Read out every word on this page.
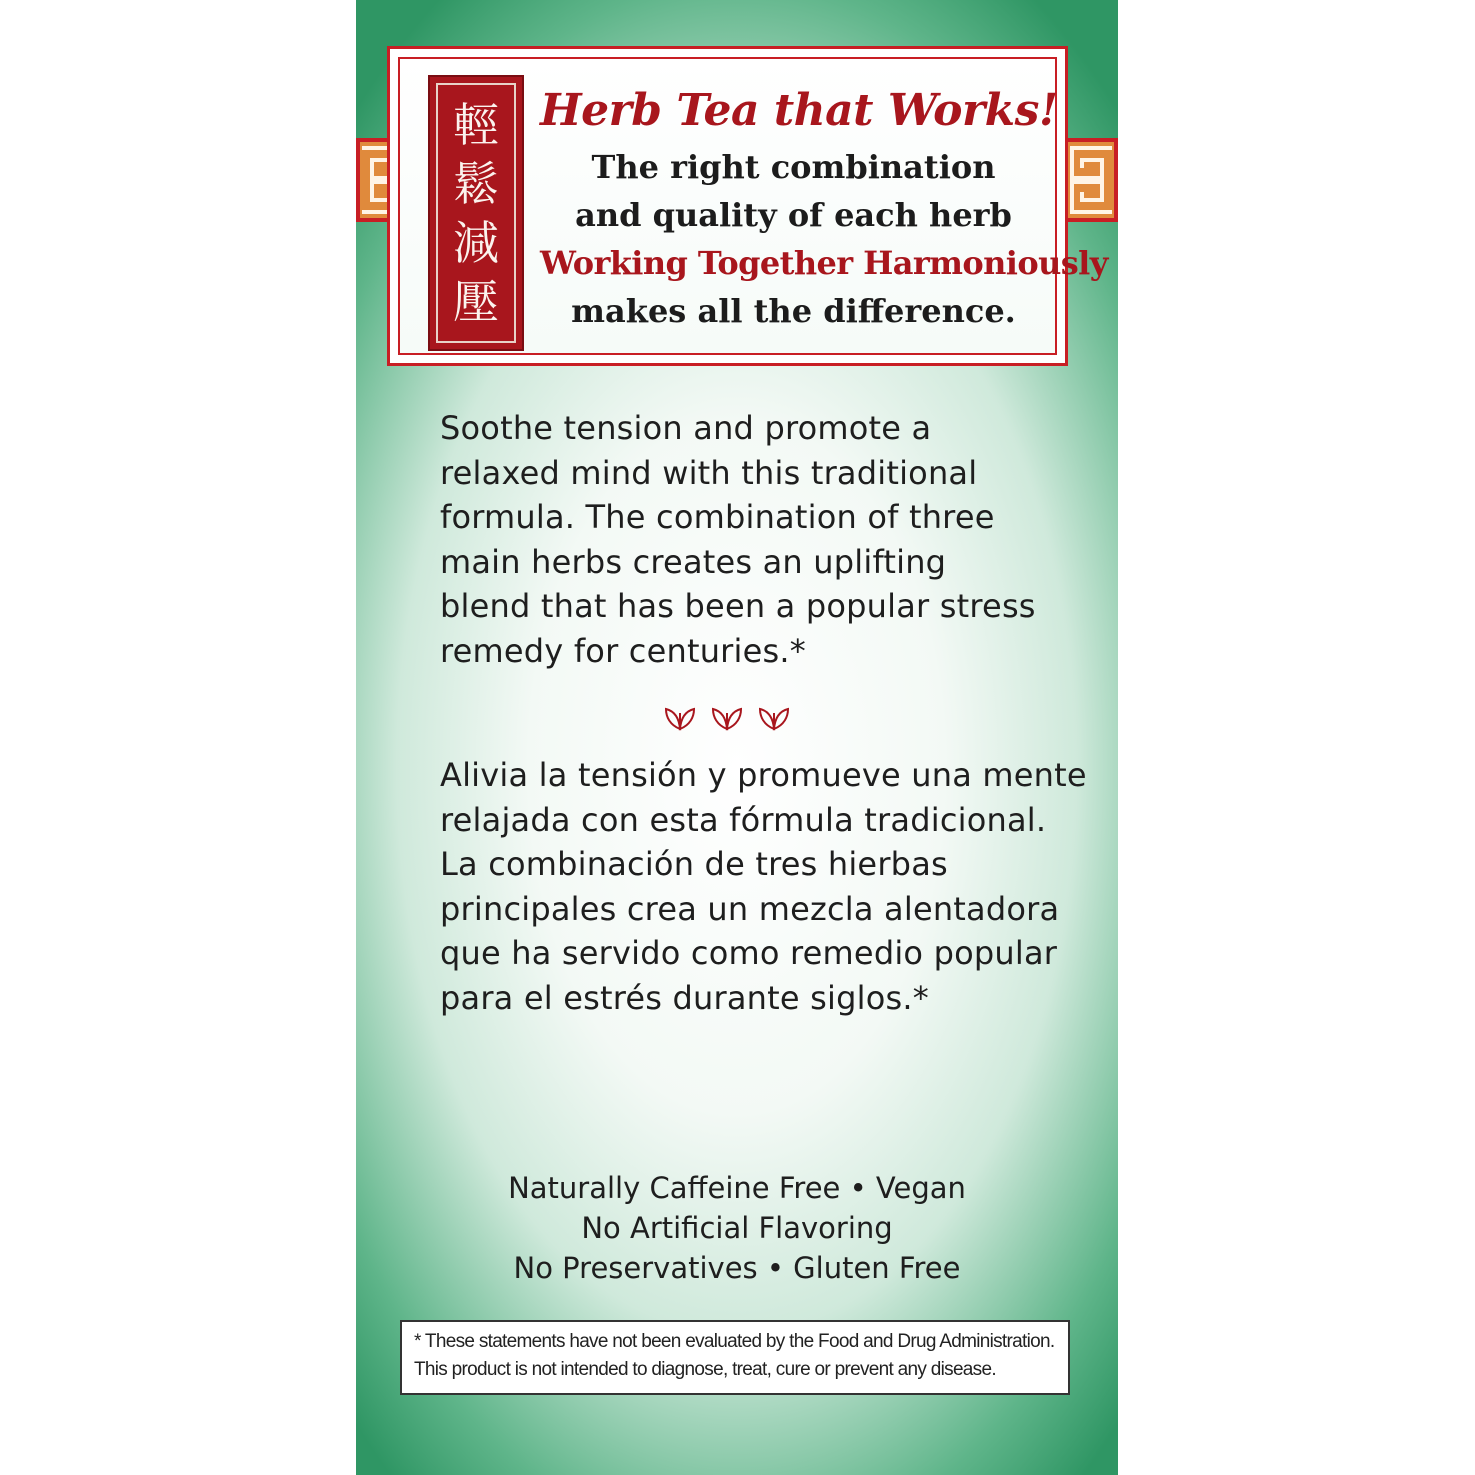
輕
鬆
減
壓
Herb Tea that Works!
The right combination
and quality of each herb
Working Together Harmoniously
makes all the difference.
Soothe tension and promote a
relaxed mind with this traditional
formula. The combination of three
main herbs creates an uplifting
blend that has been a popular stress
remedy for centuries.*
Alivia la tensión y promueve una mente
relajada con esta fórmula tradicional.
La combinación de tres hierbas
principales crea un mezcla alentadora
que ha servido como remedio popular
para el estrés durante siglos.*
Naturally Caffeine Free • Vegan
No Artificial Flavoring
No Preservatives • Gluten Free
* These statements have not been evaluated by the Food and Drug Administration.
This product is not intended to diagnose, treat, cure or prevent any disease.
